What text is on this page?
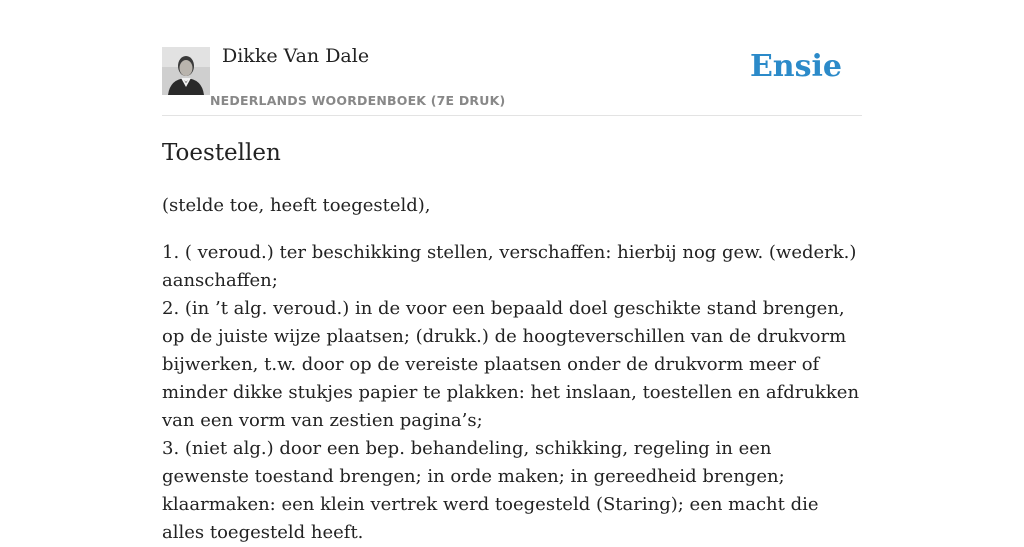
Dikke Van Dale
NEDERLANDS WOORDENBOEK (7E DRUK)
Ensie
Toestellen

(stelde toe, heeft toegesteld),

1. ( veroud.) ter beschikking stellen, verschaffen: hierbij nog gew. (wederk.) aanschaffen;
2. (in ’t alg. veroud.) in de voor een bepaald doel geschikte stand brengen, op de juiste wijze plaatsen; (drukk.) de hoogteverschillen van de drukvorm bijwerken, t.w. door op de vereiste plaatsen onder de drukvorm meer of minder dikke stukjes papier te plakken: het inslaan, toestellen en afdrukken van een vorm van zestien pagina’s;
3. (niet alg.) door een bep. behandeling, schikking, regeling in een gewenste toestand brengen; in orde maken; in gereedheid brengen; klaarmaken: een klein vertrek werd toegesteld (Staring); een macht die alles toegesteld heeft.
